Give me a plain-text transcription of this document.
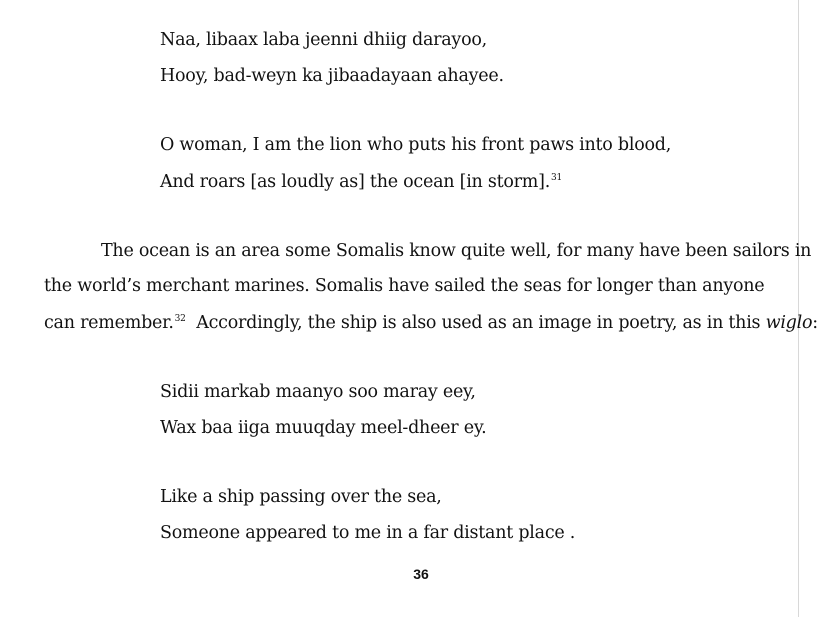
Naa, libaax laba jeenni dhiig darayoo,
Hooy, bad-weyn ka jibaadayaan ahayee.
O woman, I am the lion who puts his front paws into blood,
And roars [as loudly as] the ocean [in storm].$^{31}$
The ocean is an area some Somalis know quite well, for many have been sailors in
the world’s merchant marines. Somalis have sailed the seas for longer than anyone
can remember.$^{32}$  Accordingly, the ship is also used as an image in poetry, as in this wiglo:
Sidii markab maanyo soo maray eey,
Wax baa iiga muuqday meel-dheer ey.
Like a ship passing over the sea,
Someone appeared to me in a far distant place .
36
